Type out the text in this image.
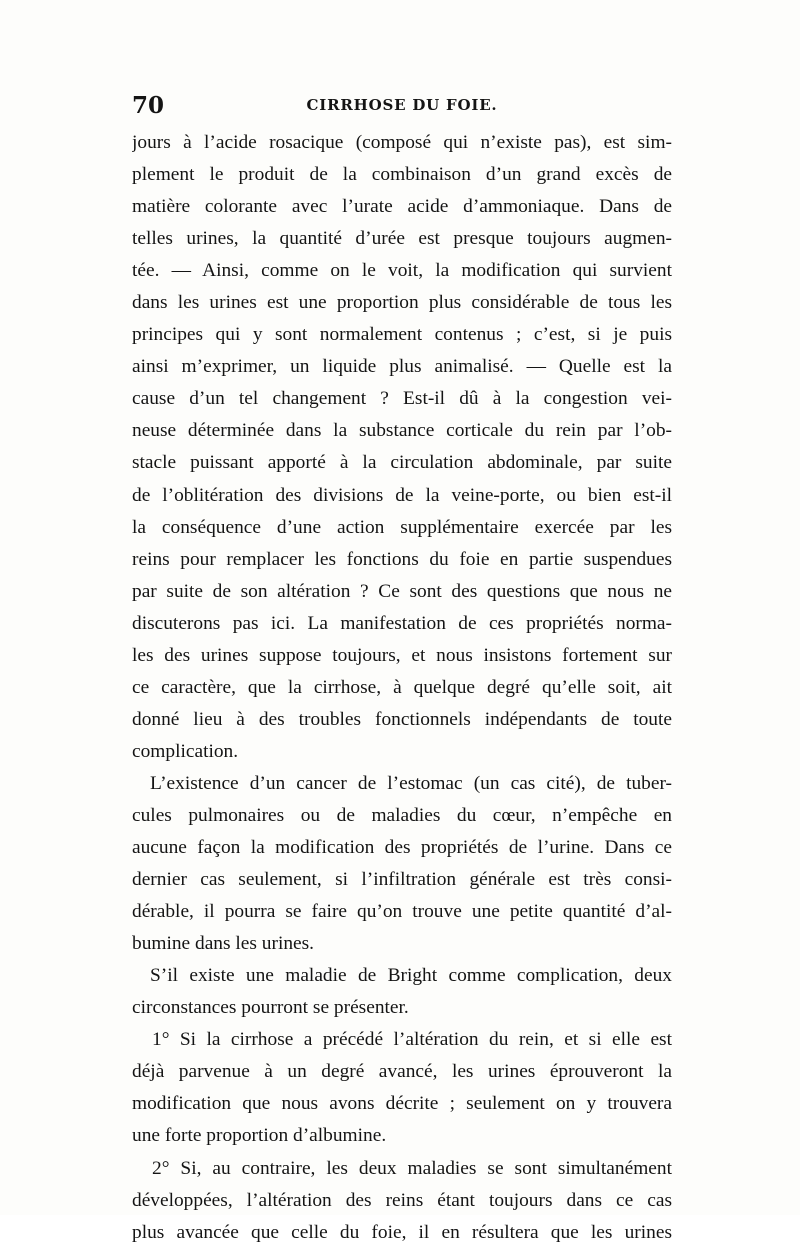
70	CIRRHOSE DU FOIE.
jours à l’acide rosacique (composé qui n’existe pas), est sim-
plement le produit de la combinaison d’un grand excès de
matière colorante avec l’urate acide d’ammoniaque. Dans de
telles urines, la quantité d’urée est presque toujours augmen-
tée. — Ainsi, comme on le voit, la modification qui survient
dans les urines est une proportion plus considérable de tous les
principes qui y sont normalement contenus ; c’est, si je puis
ainsi m’exprimer, un liquide plus animalisé. — Quelle est la
cause d’un tel changement ? Est-il dû à la congestion vei-
neuse déterminée dans la substance corticale du rein par l’ob-
stacle puissant apporté à la circulation abdominale, par suite
de l’oblitération des divisions de la veine-porte, ou bien est-il
la conséquence d’une action supplémentaire exercée par les
reins pour remplacer les fonctions du foie en partie suspendues
par suite de son altération ? Ce sont des questions que nous ne
discuterons pas ici. La manifestation de ces propriétés norma-
les des urines suppose toujours, et nous insistons fortement sur
ce caractère, que la cirrhose, à quelque degré qu’elle soit, ait
donné lieu à des troubles fonctionnels indépendants de toute
complication.
L’existence d’un cancer de l’estomac (un cas cité), de tuber-
cules pulmonaires ou de maladies du cœur, n’empêche en
aucune façon la modification des propriétés de l’urine. Dans ce
dernier cas seulement, si l’infiltration générale est très consi-
dérable, il pourra se faire qu’on trouve une petite quantité d’al-
bumine dans les urines.
S’il existe une maladie de Bright comme complication, deux
circonstances pourront se présenter.
1° Si la cirrhose a précédé l’altération du rein, et si elle est
déjà parvenue à un degré avancé, les urines éprouveront la
modification que nous avons décrite ; seulement on y trouvera
une forte proportion d’albumine.
2° Si, au contraire, les deux maladies se sont simultanément
développées, l’altération des reins étant toujours dans ce cas
plus avancée que celle du foie, il en résultera que les urines
